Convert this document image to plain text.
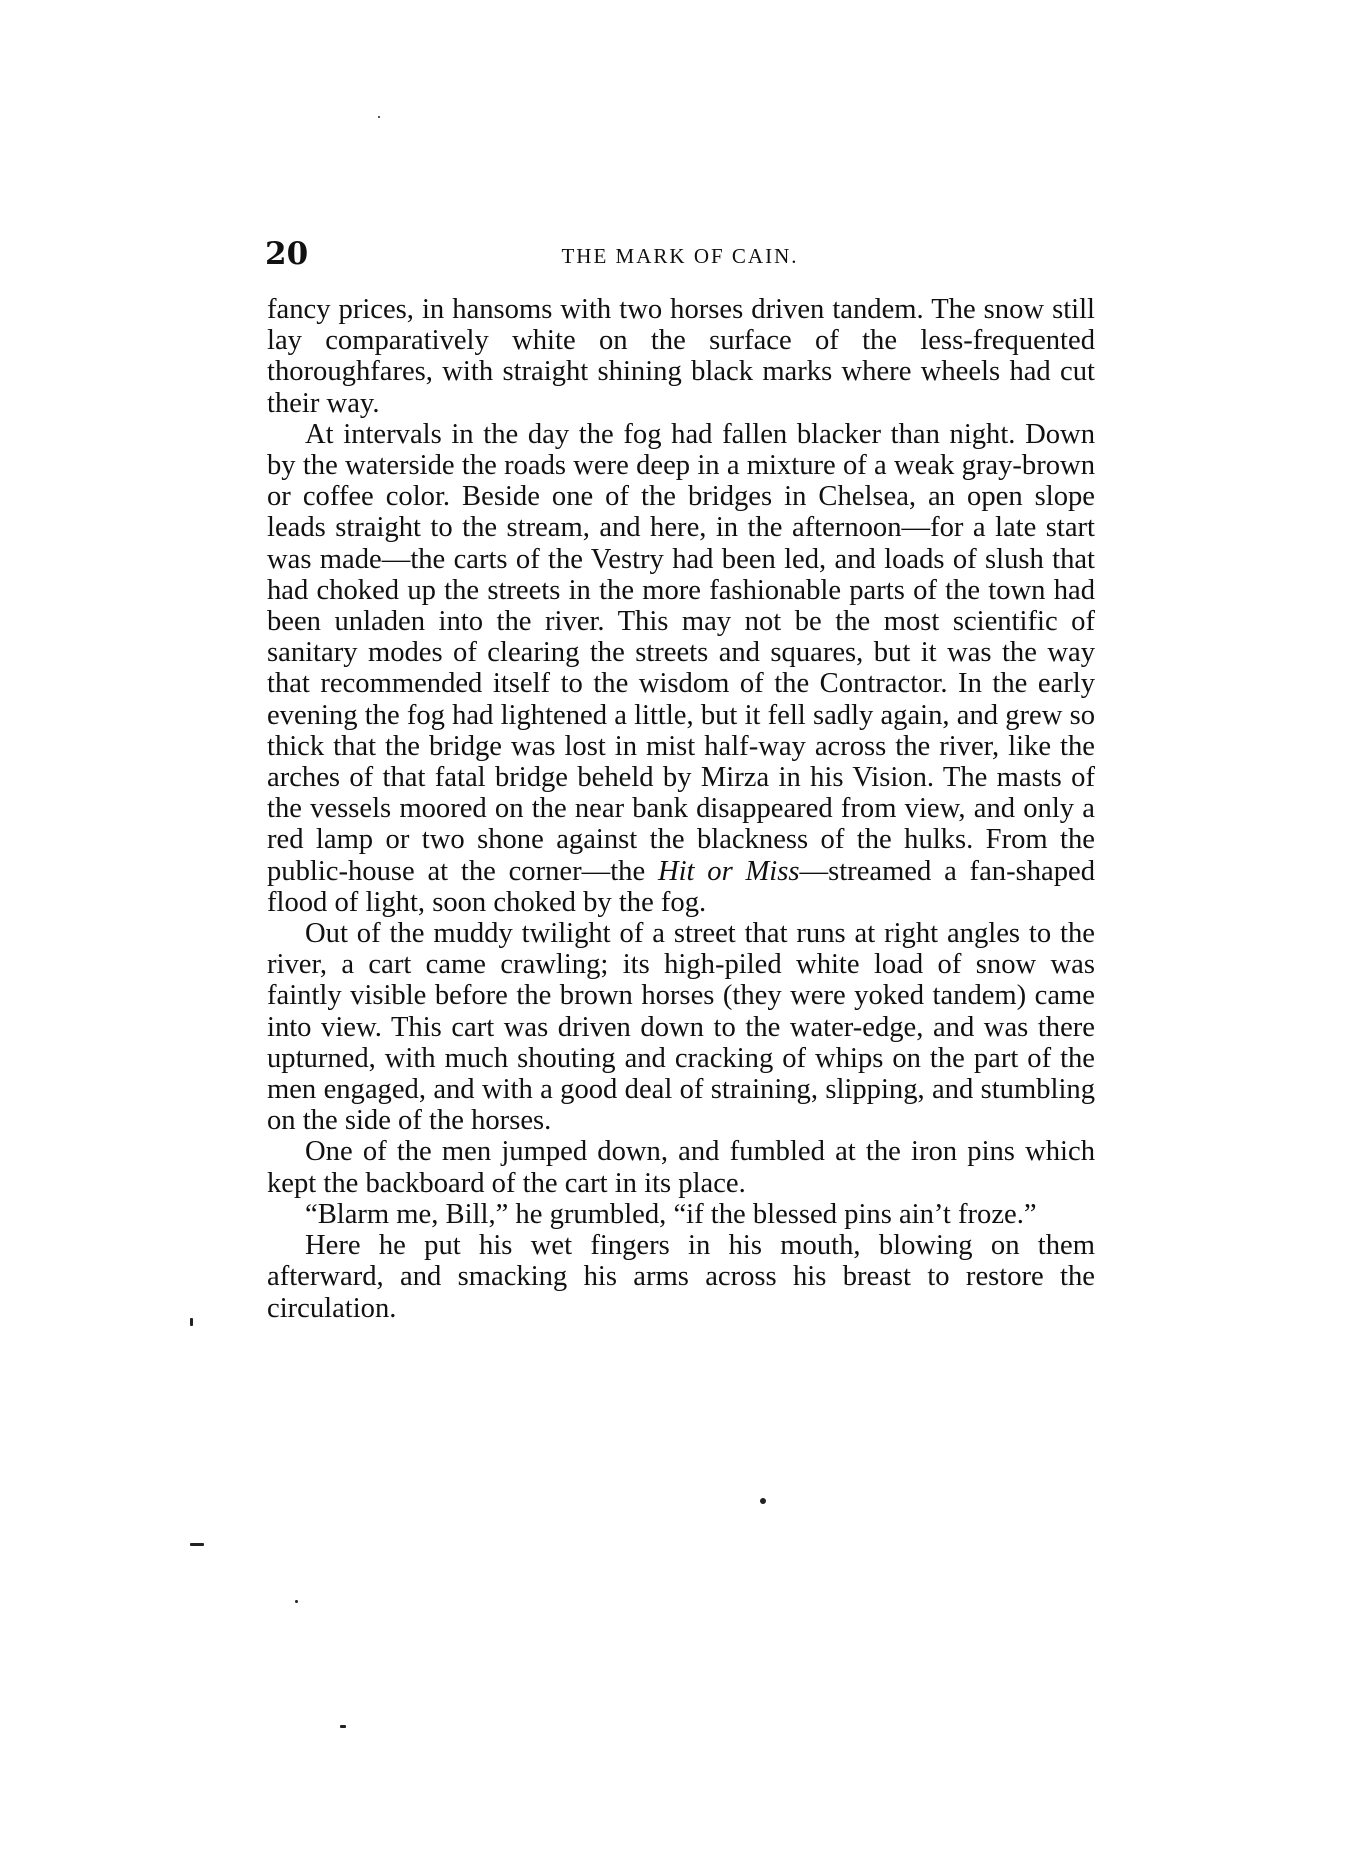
20	THE MARK OF CAIN.

fancy prices, in hansoms with two horses driven tandem. The snow still lay comparatively white on the surface of the less-frequented thoroughfares, with straight shining black marks where wheels had cut their way.

At intervals in the day the fog had fallen blacker than night. Down by the waterside the roads were deep in a mixture of a weak gray-brown or coffee color. Beside one of the bridges in Chelsea, an open slope leads straight to the stream, and here, in the afternoon—for a late start was made—the carts of the Vestry had been led, and loads of slush that had choked up the streets in the more fashionable parts of the town had been unladen into the river. This may not be the most scientific of sanitary modes of clearing the streets and squares, but it was the way that recommended itself to the wisdom of the Contractor. In the early evening the fog had lightened a little, but it fell sadly again, and grew so thick that the bridge was lost in mist half-way across the river, like the arches of that fatal bridge beheld by Mirza in his Vision. The masts of the vessels moored on the near bank disappeared from view, and only a red lamp or two shone against the blackness of the hulks. From the public-house at the corner—the Hit or Miss—streamed a fan-shaped flood of light, soon choked by the fog.

Out of the muddy twilight of a street that runs at right angles to the river, a cart came crawling; its high-piled white load of snow was faintly visible before the brown horses (they were yoked tandem) came into view. This cart was driven down to the water-edge, and was there upturned, with much shouting and cracking of whips on the part of the men engaged, and with a good deal of straining, slipping, and stumbling on the side of the horses.

One of the men jumped down, and fumbled at the iron pins which kept the backboard of the cart in its place.

“Blarm me, Bill,” he grumbled, “if the blessed pins ain’t froze.”

Here he put his wet fingers in his mouth, blowing on them afterward, and smacking his arms across his breast to restore the circulation.
